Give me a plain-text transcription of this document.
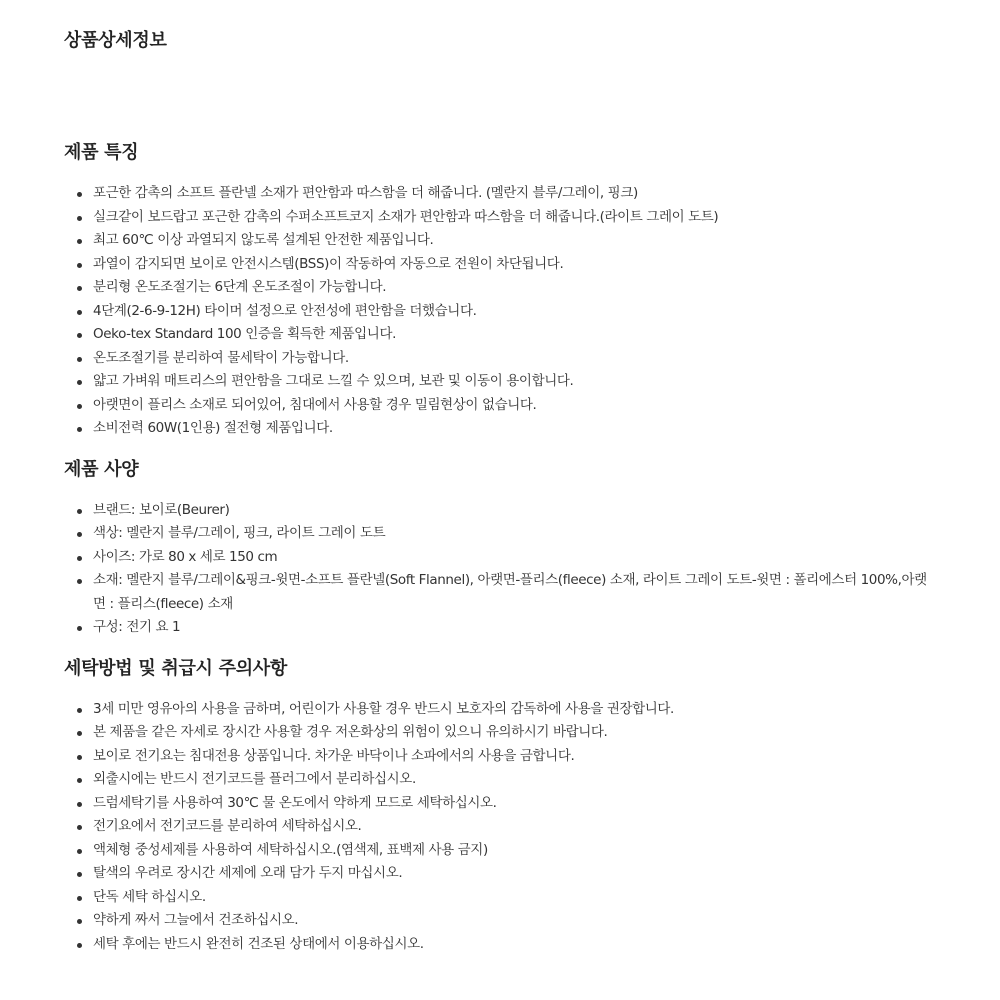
상품상세정보
제품 특징
포근한 감촉의 소프트 플란넬 소재가 편안함과 따스함을 더 해줍니다. (멜란지 블루/그레이, 핑크)
실크같이 보드랍고 포근한 감촉의 수퍼소프트코지 소재가 편안함과 따스함을 더 해줍니다.(라이트 그레이 도트)
최고 60℃ 이상 과열되지 않도록 설계된 안전한 제품입니다.
과열이 감지되면 보이로 안전시스템(BSS)이 작동하여 자동으로 전원이 차단됩니다.
분리형 온도조절기는 6단계 온도조절이 가능합니다.
4단계(2-6-9-12H) 타이머 설정으로 안전성에 편안함을 더했습니다.
Oeko-tex Standard 100 인증을 획득한 제품입니다.
온도조절기를 분리하여 물세탁이 가능합니다.
얇고 가벼워 매트리스의 편안함을 그대로 느낄 수 있으며, 보관 및 이동이 용이합니다.
아랫면이 플리스 소재로 되어있어, 침대에서 사용할 경우 밀림현상이 없습니다.
소비전력 60W(1인용) 절전형 제품입니다.
제품 사양
브랜드: 보이로(Beurer)
색상: 멜란지 블루/그레이, 핑크, 라이트 그레이 도트
사이즈: 가로 80 x 세로 150 cm
소재: 멜란지 블루/그레이&핑크-윗면-소프트 플란넬(Soft Flannel), 아랫면-플리스(fleece) 소재, 라이트 그레이 도트-윗면 : 폴리에스터 100%,아랫면 : 플리스(fleece) 소재
구성: 전기 요 1
세탁방법 및 취급시 주의사항
3세 미만 영유아의 사용을 금하며, 어린이가 사용할 경우 반드시 보호자의 감독하에 사용을 권장합니다.
본 제품을 같은 자세로 장시간 사용할 경우 저온화상의 위험이 있으니 유의하시기 바랍니다.
보이로 전기요는 침대전용 상품입니다. 차가운 바닥이나 소파에서의 사용을 금합니다.
외출시에는 반드시 전기코드를 플러그에서 분리하십시오.
드럼세탁기를 사용하여 30℃ 물 온도에서 약하게 모드로 세탁하십시오.
전기요에서 전기코드를 분리하여 세탁하십시오.
액체형 중성세제를 사용하여 세탁하십시오.(염색제, 표백제 사용 금지)
탈색의 우려로 장시간 세제에 오래 담가 두지 마십시오.
단독 세탁 하십시오.
약하게 짜서 그늘에서 건조하십시오.
세탁 후에는 반드시 완전히 건조된 상태에서 이용하십시오.
